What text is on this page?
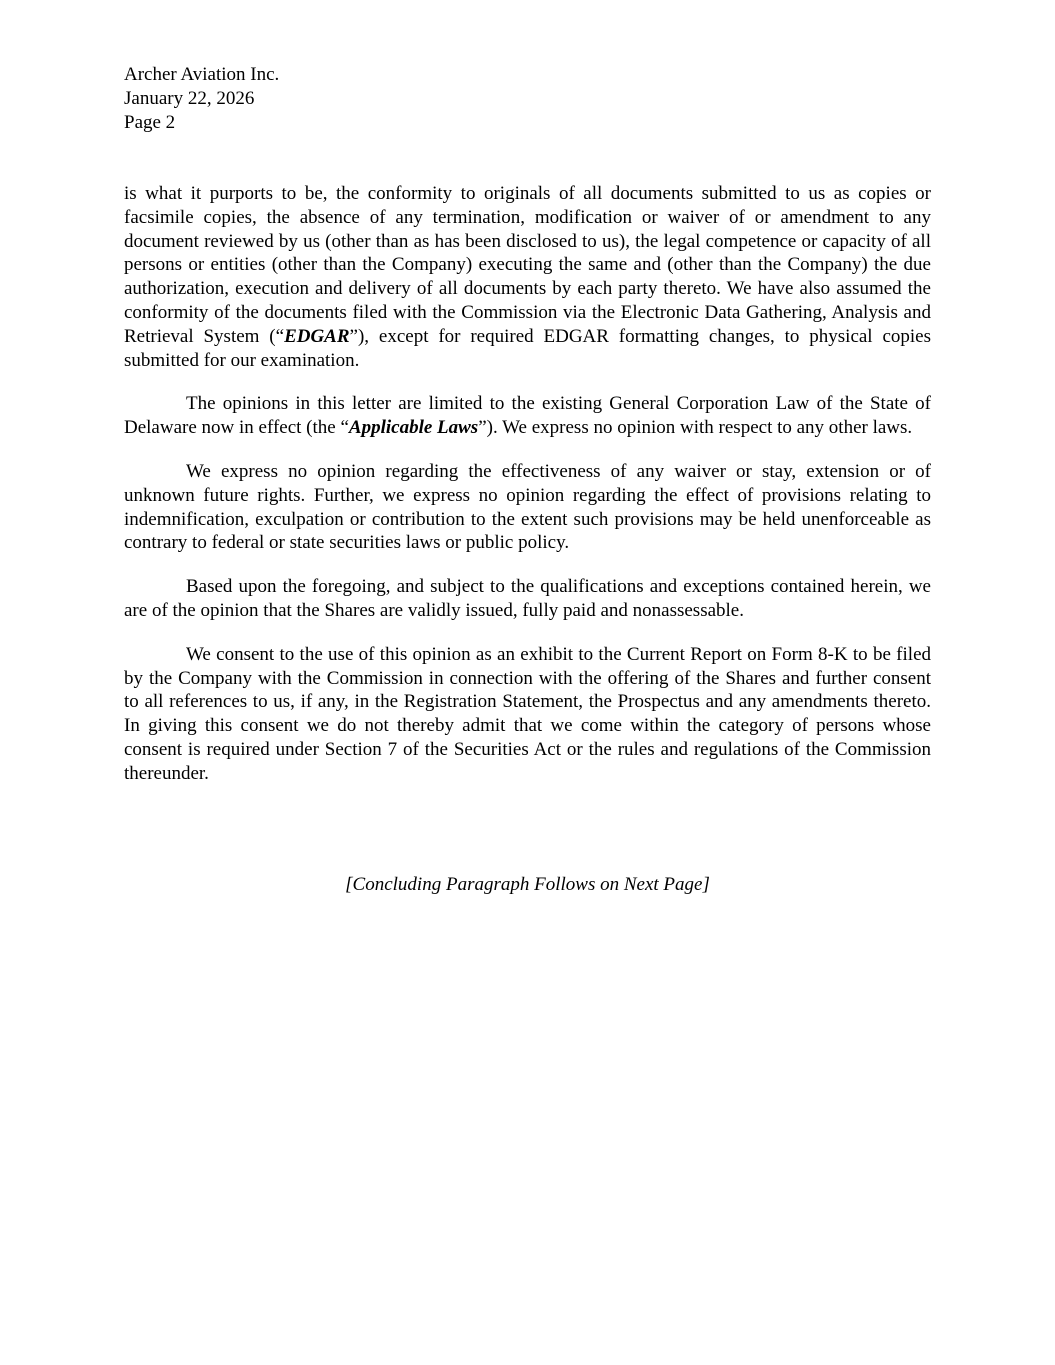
Archer Aviation Inc.
January 22, 2026
Page 2

is what it purports to be, the conformity to originals of all documents submitted to us as copies or facsimile copies, the absence of any termination, modification or waiver of or amendment to any document reviewed by us (other than as has been disclosed to us), the legal competence or capacity of all persons or entities (other than the Company) executing the same and (other than the Company) the due authorization, execution and delivery of all documents by each party thereto. We have also assumed the conformity of the documents filed with the Commission via the Electronic Data Gathering, Analysis and Retrieval System (“EDGAR”), except for required EDGAR formatting changes, to physical copies submitted for our examination.

The opinions in this letter are limited to the existing General Corporation Law of the State of Delaware now in effect (the “Applicable Laws”). We express no opinion with respect to any other laws.

We express no opinion regarding the effectiveness of any waiver or stay, extension or of unknown future rights. Further, we express no opinion regarding the effect of provisions relating to indemnification, exculpation or contribution to the extent such provisions may be held unenforceable as contrary to federal or state securities laws or public policy.

Based upon the foregoing, and subject to the qualifications and exceptions contained herein, we are of the opinion that the Shares are validly issued, fully paid and nonassessable.

We consent to the use of this opinion as an exhibit to the Current Report on Form 8-K to be filed by the Company with the Commission in connection with the offering of the Shares and further consent to all references to us, if any, in the Registration Statement, the Prospectus and any amendments thereto. In giving this consent we do not thereby admit that we come within the category of persons whose consent is required under Section 7 of the Securities Act or the rules and regulations of the Commission thereunder.

[Concluding Paragraph Follows on Next Page]
